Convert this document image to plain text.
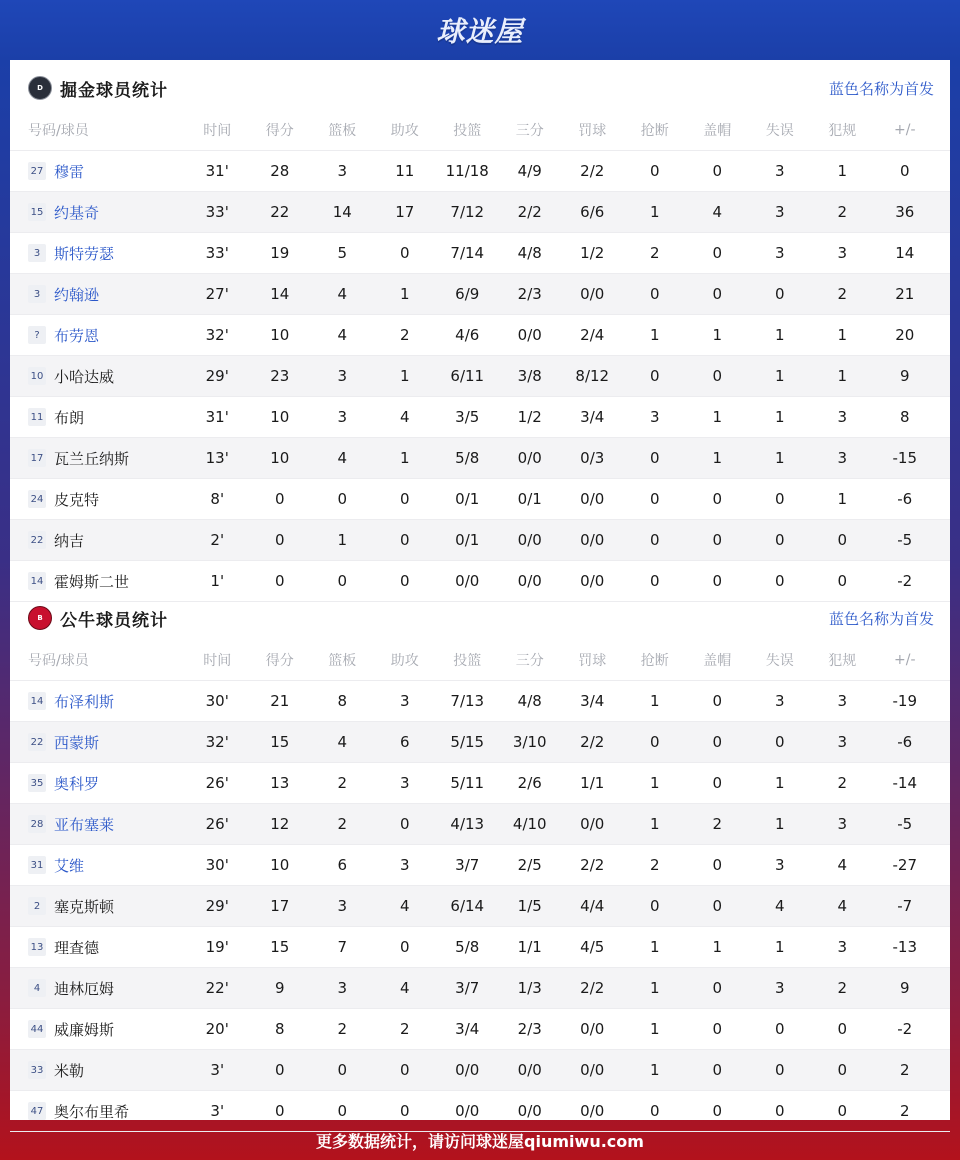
球迷屋
D	掘金球员统计	蓝色名称为首发
号码/球员	时间	得分	篮板	助攻	投篮	三分	罚球	抢断	盖帽	失误	犯规	+/-
27 穆雷	31'	28	3	11	11/18	4/9	2/2	0	0	3	1	0
15 约基奇	33'	22	14	17	7/12	2/2	6/6	1	4	3	2	36
3 斯特劳瑟	33'	19	5	0	7/14	4/8	1/2	2	0	3	3	14
3 约翰逊	27'	14	4	1	6/9	2/3	0/0	0	0	0	2	21
? 布劳恩	32'	10	4	2	4/6	0/0	2/4	1	1	1	1	20
10 小哈达威	29'	23	3	1	6/11	3/8	8/12	0	0	1	1	9
11 布朗	31'	10	3	4	3/5	1/2	3/4	3	1	1	3	8
17 瓦兰丘纳斯	13'	10	4	1	5/8	0/0	0/3	0	1	1	3	-15
24 皮克特	8'	0	0	0	0/1	0/1	0/0	0	0	0	1	-6
22 纳吉	2'	0	1	0	0/1	0/0	0/0	0	0	0	0	-5
14 霍姆斯二世	1'	0	0	0	0/0	0/0	0/0	0	0	0	0	-2
B	公牛球员统计	蓝色名称为首发
号码/球员	时间	得分	篮板	助攻	投篮	三分	罚球	抢断	盖帽	失误	犯规	+/-
14 布泽利斯	30'	21	8	3	7/13	4/8	3/4	1	0	3	3	-19
22 西蒙斯	32'	15	4	6	5/15	3/10	2/2	0	0	0	3	-6
35 奥科罗	26'	13	2	3	5/11	2/6	1/1	1	0	1	2	-14
28 亚布塞莱	26'	12	2	0	4/13	4/10	0/0	1	2	1	3	-5
31 艾维	30'	10	6	3	3/7	2/5	2/2	2	0	3	4	-27
2 塞克斯顿	29'	17	3	4	6/14	1/5	4/4	0	0	4	4	-7
13 理查德	19'	15	7	0	5/8	1/1	4/5	1	1	1	3	-13
4 迪林厄姆	22'	9	3	4	3/7	1/3	2/2	1	0	3	2	9
44 威廉姆斯	20'	8	2	2	3/4	2/3	0/0	1	0	0	0	-2
33 米勒	3'	0	0	0	0/0	0/0	0/0	1	0	0	0	2
47 奥尔布里希	3'	0	0	0	0/0	0/0	0/0	0	0	0	0	2
更多数据统计，请访问球迷屋qiumiwu.com
